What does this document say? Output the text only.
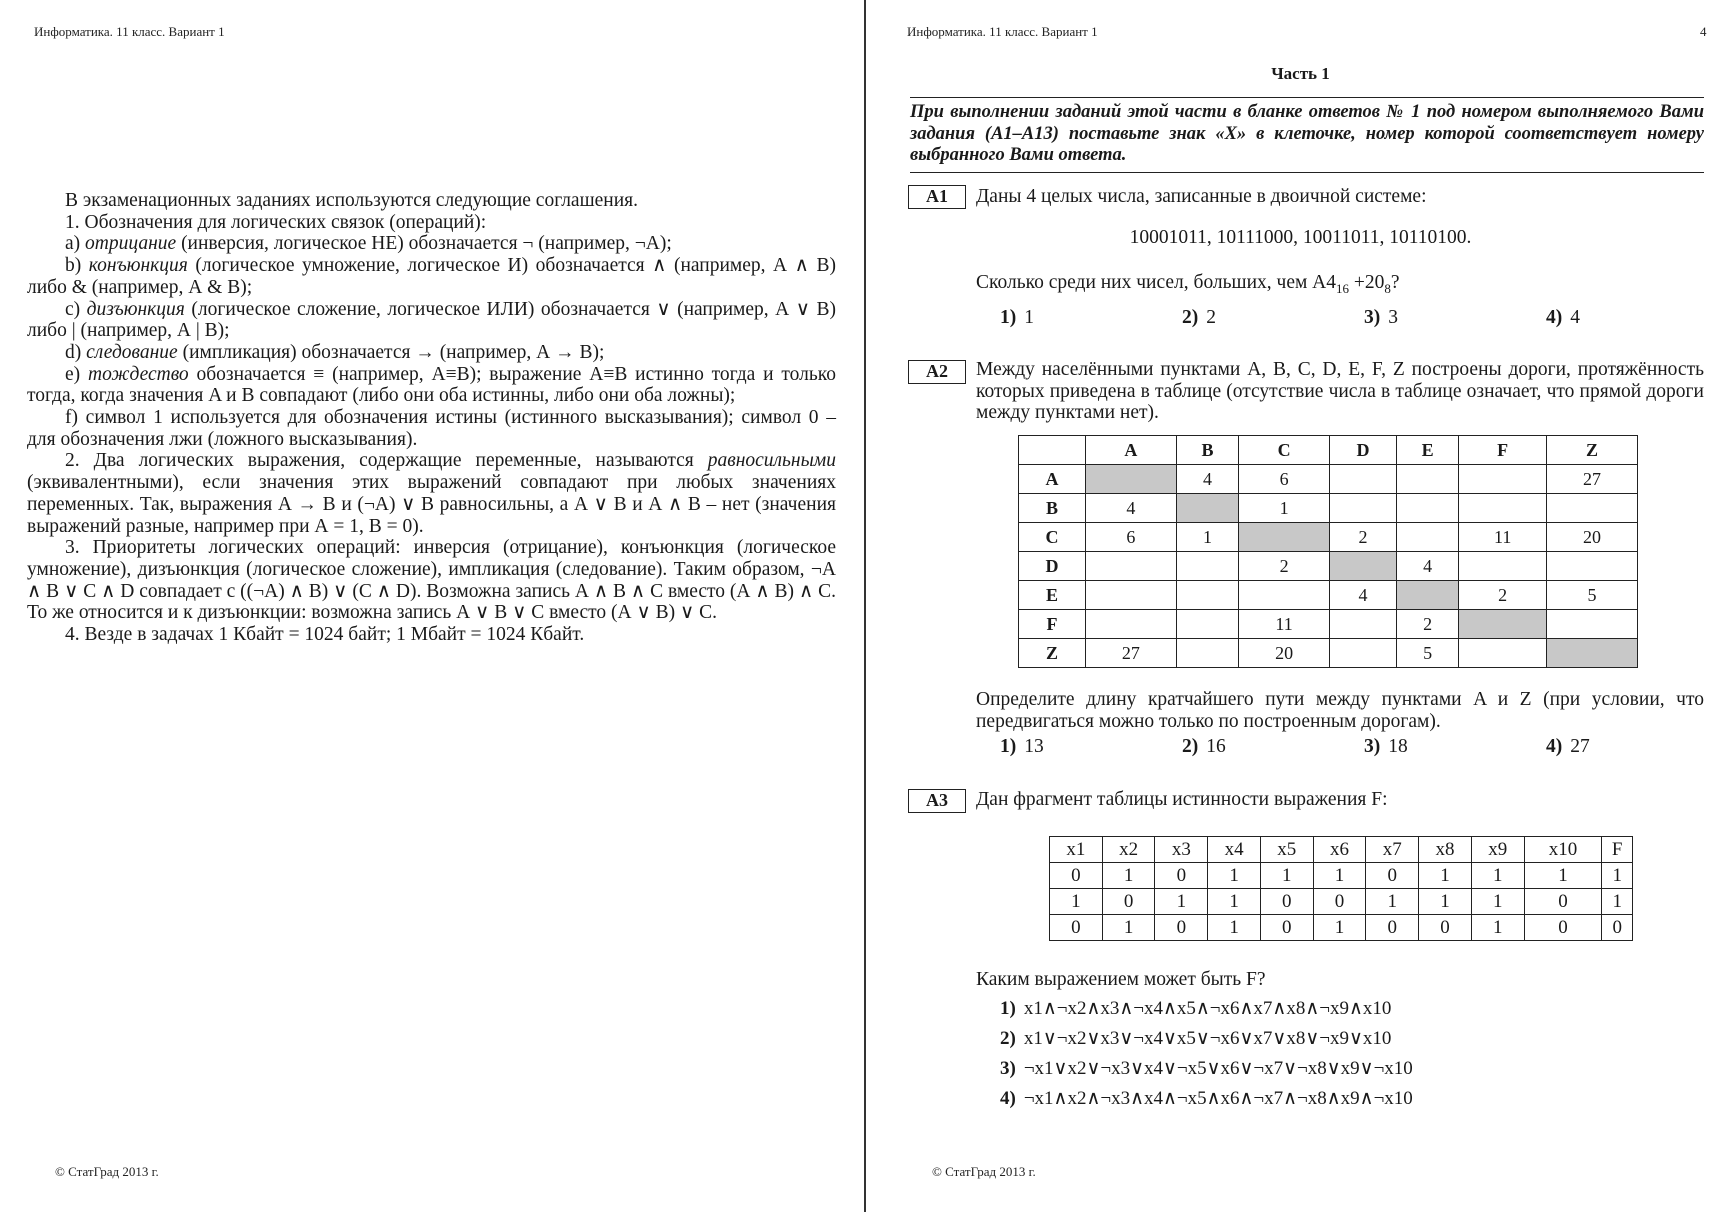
Информатика. 11 класс. Вариант 1

В экзаменационных заданиях используются следующие соглашения.

1. Обозначения для логических связок (операций):

a) отрицание (инверсия, логическое НЕ) обозначается ¬ (например, ¬А);

b) конъюнкция (логическое умножение, логическое И) обозначается ∧ (например, А ∧ В) либо & (например, А & В);

c) дизъюнкция (логическое сложение, логическое ИЛИ) обозначается ∨ (например, А ∨ В) либо | (например, А | В);

d) следование (импликация) обозначается → (например, А → В);

e) тождество обозначается ≡ (например, A≡B); выражение A≡B истинно тогда и только тогда, когда значения A и B совпадают (либо они оба истинны, либо они оба ложны);

f) символ 1 используется для обозначения истины (истинного высказывания); символ 0 – для обозначения лжи (ложного высказывания).

2. Два логических выражения, содержащие переменные, называются равносильными (эквивалентными), если значения этих выражений совпадают при любых значениях переменных. Так, выражения А → В и (¬А) ∨ В равносильны, а А ∨ В и А ∧ В – нет (значения выражений разные, например при А = 1, В = 0).

3. Приоритеты логических операций: инверсия (отрицание), конъюнкция (логическое умножение), дизъюнкция (логическое сложение), импликация (следование). Таким образом, ¬А ∧ В ∨ С ∧ D совпадает с ((¬А) ∧ В) ∨ (С ∧ D). Возможна запись А ∧ В ∧ С вместо (А ∧ В) ∧ С. То же относится и к дизъюнкции: возможна запись А ∨ В ∨ С вместо (А ∨ В) ∨ С.

4. Везде в задачах 1 Кбайт = 1024 байт; 1 Мбайт = 1024 Кбайт.

© СтатГрад 2013 г.
Информатика. 11 класс. Вариант 1	4
Часть 1
При выполнении заданий этой части в бланке ответов № 1 под номером выполняемого Вами задания (А1–А13) поставьте знак «X» в клеточке, номер которой соответствует номеру выбранного Вами ответа.
А1	Даны 4 целых числа, записанные в двоичной системе:
10001011, 10111000, 10011011, 10110100.
Сколько среди них чисел, больших, чем $A4_{16} +20_8$?
1) 1	2) 2	3) 3	4) 4
А2	Между населёнными пунктами A, B, C, D, E, F, Z построены дороги, протяжённость которых приведена в таблице (отсутствие числа в таблице означает, что прямой дороги между пунктами нет).
	A	B	C	D	E	F	Z
A		4	6				27
B	4		1				
C	6	1		2		11	20
D			2		4		
E				4		2	5
F			11		2		
Z	27		20		5		
Определите длину кратчайшего пути между пунктами A и Z (при условии, что передвигаться можно только по построенным дорогам).
1) 13	2) 16	3) 18	4) 27
А3	Дан фрагмент таблицы истинности выражения F:
x1	x2	x3	x4	x5	x6	x7	x8	x9	x10	F
0	1	0	1	1	1	0	1	1	1	1
1	0	1	1	0	0	1	1	1	0	1
0	1	0	1	0	1	0	0	1	0	0
Каким выражением может быть F?
1) x1∧¬x2∧x3∧¬x4∧x5∧¬x6∧x7∧x8∧¬x9∧x10
2) x1∨¬x2∨x3∨¬x4∨x5∨¬x6∨x7∨x8∨¬x9∨x10
3) ¬x1∨x2∨¬x3∨x4∨¬x5∨x6∨¬x7∨¬x8∨x9∨¬x10
4) ¬x1∧x2∧¬x3∧x4∧¬x5∧x6∧¬x7∧¬x8∧x9∧¬x10
© СтатГрад 2013 г.
